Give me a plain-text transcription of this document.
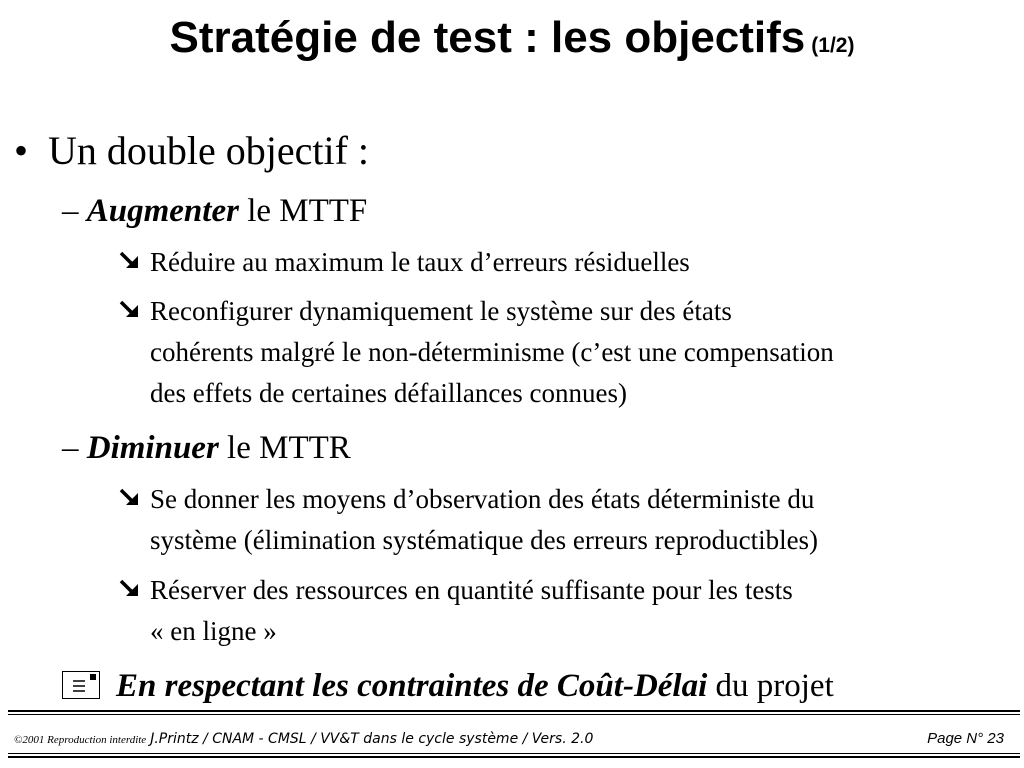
Stratégie de test : les objectifs (1/2)
• Un double objectif :
– Augmenter le MTTF
Réduire au maximum le taux d’erreurs résiduelles
Reconfigurer dynamiquement le système sur des états
cohérents malgré le non-déterminisme (c’est une compensation
des effets de certaines défaillances connues)
– Diminuer le MTTR
Se donner les moyens d’observation des états déterministe du
système (élimination systématique des erreurs reproductibles)
Réserver des ressources en quantité suffisante pour les tests
« en ligne »
En respectant les contraintes de Coût-Délai du projet
©2001 Reproduction interdite J.Printz / CNAM - CMSL / VV&T dans le cycle système / Vers. 2.0	Page N° 23
